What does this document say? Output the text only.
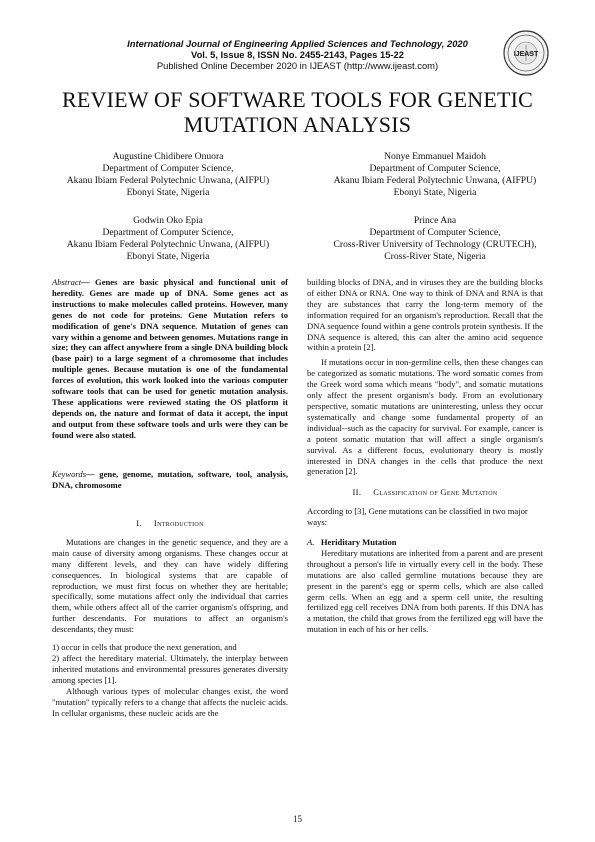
International Journal of Engineering Applied Sciences and Technology, 2020
Vol. 5, Issue 8, ISSN No. 2455-2143, Pages 15-22
Published Online December 2020 in IJEAST (http://www.ijeast.com)
IJEAST
REVIEW OF SOFTWARE TOOLS FOR GENETIC
MUTATION ANALYSIS
Augustine Chidibere Onuora
Department of Computer Science,
Akanu Ibiam Federal Polytechnic Unwana, (AIFPU)
Ebonyi State, Nigeria
Nonye Emmanuel Maidoh
Department of Computer Science,
Akanu Ibiam Federal Polytechnic Unwana, (AIFPU)
Ebonyi State, Nigeria
Godwin Oko Epia
Department of Computer Science,
Akanu Ibiam Federal Polytechnic Unwana, (AIFPU)
Ebonyi State, Nigeria
Prince Ana
Department of Computer Science,
Cross-River University of Technology (CRUTECH),
Cross-River State, Nigeria

Abstract— Genes are basic physical and functional unit of heredity. Genes are made up of DNA. Some genes act as instructions to make molecules called proteins. However, many genes do not code for proteins. Gene Mutation refers to modification of gene's DNA sequence. Mutation of genes can vary within a genome and between genomes. Mutations range in size; they can affect anywhere from a single DNA building block (base pair) to a large segment of a chromosome that includes multiple genes. Because mutation is one of the fundamental forces of evolution, this work looked into the various computer software tools that can be used for genetic mutation analysis. These applications were reviewed stating the OS platform it depends on, the nature and format of data it accept, the input and output from these software tools and urls were they can be found were also stated.

Keywords— gene, genome, mutation, software, tool, analysis, DNA, chromosome

I. Introduction

Mutations are changes in the genetic sequence, and they are a main cause of diversity among organisms. These changes occur at many different levels, and they can have widely differing consequences. In biological systems that are capable of reproduction, we must first focus on whether they are heritable; specifically, some mutations affect only the individual that carries them, while others affect all of the carrier organism's offspring, and further descendants. For mutations to affect an organism's descendants, they must:

1) occur in cells that produce the next generation, and

2) affect the hereditary material. Ultimately, the interplay between inherited mutations and environmental pressures generates diversity among species [1].

Although various types of molecular changes exist, the word "mutation" typically refers to a change that affects the nucleic acids. In cellular organisms, these nucleic acids are the

building blocks of DNA, and in viruses they are the building blocks of either DNA or RNA. One way to think of DNA and RNA is that they are substances that carry the long-term memory of the information required for an organism's reproduction. Recall that the DNA sequence found within a gene controls protein synthesis. If the DNA sequence is altered, this can alter the amino acid sequence within a protein [2].

If mutations occur in non-germline cells, then these changes can be categorized as somatic mutations. The word somatic comes from the Greek word soma which means "body", and somatic mutations only affect the present organism's body. From an evolutionary perspective, somatic mutations are uninteresting, unless they occur systematically and change some fundamental property of an individual--such as the capacity for survival. For example, cancer is a potent somatic mutation that will affect a single organism's survival. As a different focus, evolutionary theory is mostly interested in DNA changes in the cells that produce the next generation [2].

II. Classification of Gene Mutation

According to [3], Gene mutations can be classified in two major ways:

A. Heriditary Mutation

Hereditary mutations are inherited from a parent and are present throughout a person's life in virtually every cell in the body. These mutations are also called germline mutations because they are present in the parent's egg or sperm cells, which are also called germ cells. When an egg and a sperm cell unite, the resulting fertilized egg cell receives DNA from both parents. If this DNA has a mutation, the child that grows from the fertilized egg will have the mutation in each of his or her cells.

15
